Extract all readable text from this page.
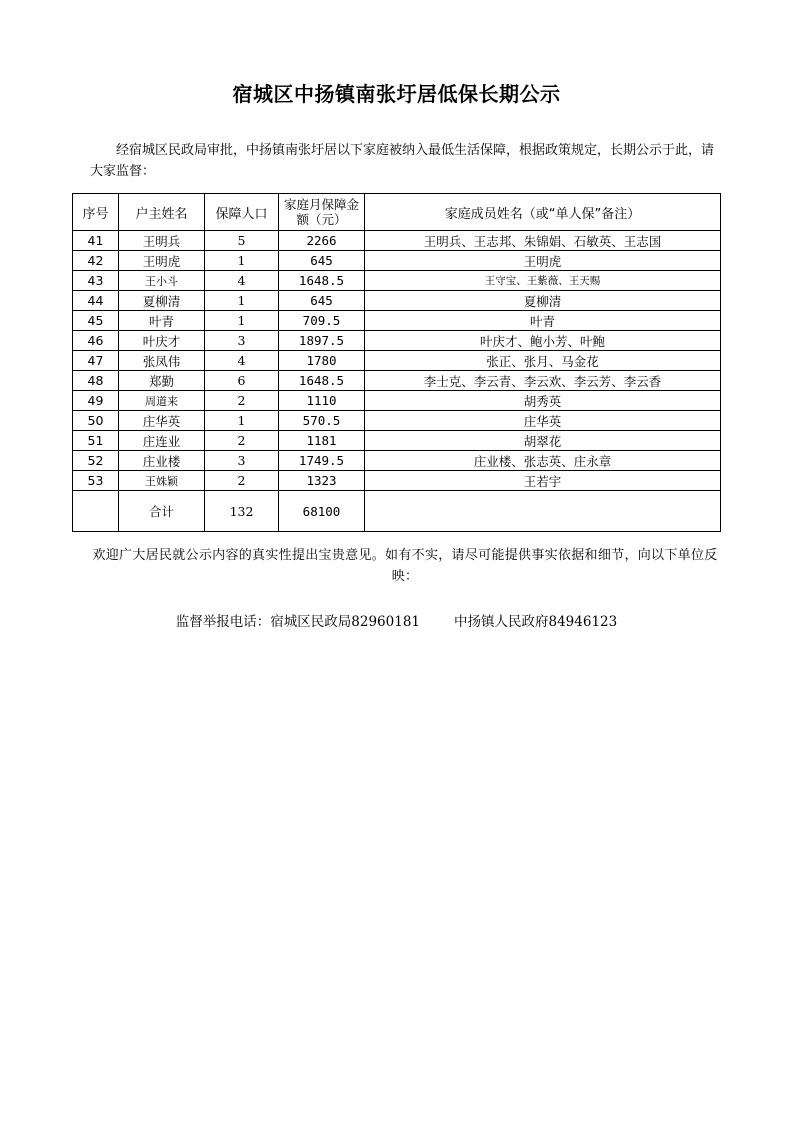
宿城区中扬镇南张圩居低保长期公示
经宿城区民政局审批，中扬镇南张圩居以下家庭被纳入最低生活保障，根据政策规定，长期公示于此，请大家监督：
序号	户主姓名	保障人口	家庭月保障金额（元）	家庭成员姓名（或“单人保”备注）
41	王明兵	5	2266	王明兵、王志邦、朱锦娟、石敏英、王志国
42	王明虎	1	645	王明虎
43	王小斗	4	1648.5	王守宝、王紫薇、王天赐
44	夏柳清	1	645	夏柳清
45	叶青	1	709.5	叶青
46	叶庆才	3	1897.5	叶庆才、鲍小芳、叶鲍
47	张凤伟	4	1780	张正、张月、马金花
48	郑勤	6	1648.5	李士克、李云青、李云欢、李云芳、李云香
49	周道来	2	1110	胡秀英
50	庄华英	1	570.5	庄华英
51	庄连业	2	1181	胡翠花
52	庄业楼	3	1749.5	庄业楼、张志英、庄永章
53	王姝颖	2	1323	王若宇
	合计	132	68100	
欢迎广大居民就公示内容的真实性提出宝贵意见。如有不实，请尽可能提供事实依据和细节，向以下单位反映：
监督举报电话：宿城区民政局82960181	中扬镇人民政府84946123
